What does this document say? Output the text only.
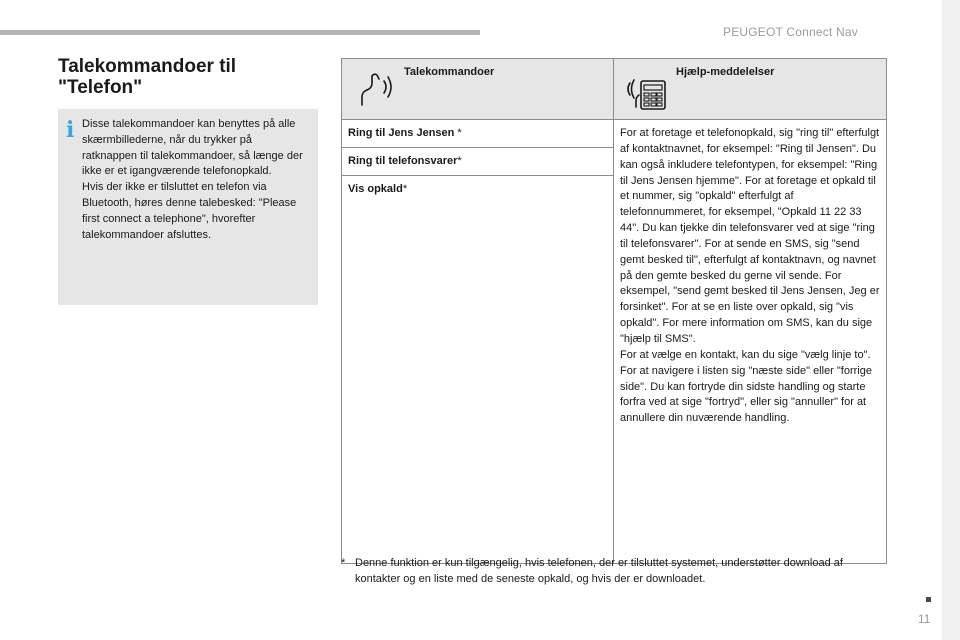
PEUGEOT Connect Nav
Talekommandoer til
"Telefon"
i Disse talekommandoer kan benyttes på alle skærmbillederne, når du trykker på ratknappen til talekommandoer, så længe der ikke er et igangværende telefonopkald.

Hvis der ikke er tilsluttet en telefon via Bluetooth, høres denne talebesked: "Please first connect a telephone", hvorefter talekommandoer afsluttes.

Talekommandoer	Hjælp-meddelelser

Ring til Jens Jensen *	For at foretage et telefonopkald, sig "ring til" efterfulgt af kontaktnavnet, for eksempel: "Ring til Jensen". Du kan også inkludere telefontypen, for eksempel: "Ring til Jens Jensen hjemme". For at foretage et opkald til et nummer, sig "opkald" efterfulgt af telefonnummeret, for eksempel, "Opkald 11 22 33 44". Du kan tjekke din telefonsvarer ved at sige "ring til telefonsvarer". For at sende en SMS, sig "send gemt besked til", efterfulgt af kontaktnavn, og navnet på den gemte besked du gerne vil sende. For eksempel, "send gemt besked til Jens Jensen, Jeg er forsinket". For at se en liste over opkald, sig "vis opkald". For mere information om SMS, kan du sige "hjælp til SMS".
For at vælge en kontakt, kan du sige "vælg linje to". For at navigere i listen sig "næste side" eller "forrige side". Du kan fortryde din sidste handling og starte forfra ved at sige "fortryd", eller sig "annuller" for at annullere din nuværende handling.

Ring til telefonsvarer*	
Vis opkald*	
* Denne funktion er kun tilgængelig, hvis telefonen, der er tilsluttet systemet, understøtter download af kontakter og en liste med de seneste opkald, og hvis der er downloadet.
11
